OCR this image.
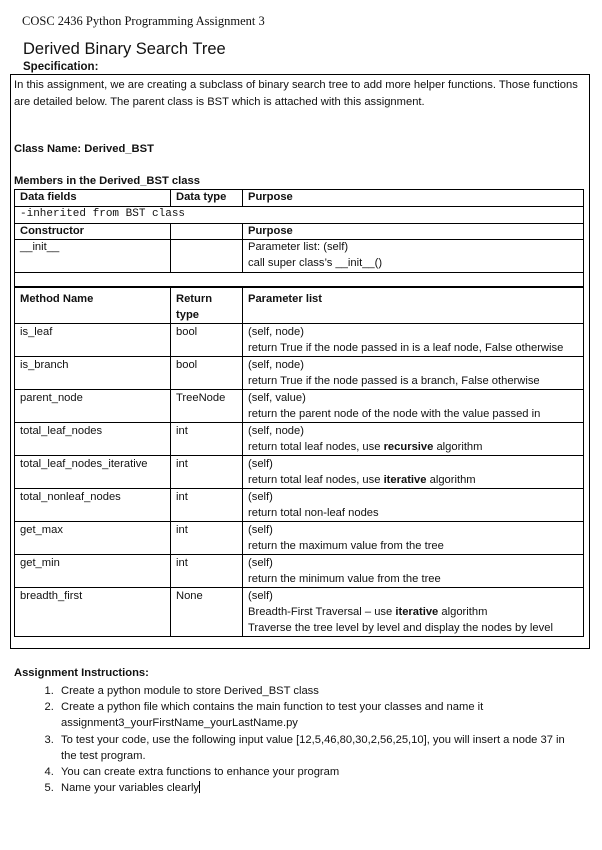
COSC 2436 Python Programming Assignment 3
Derived Binary Search Tree
Specification:
In this assignment, we are creating a subclass of binary search tree to add more helper functions. Those functions are detailed below. The parent class is BST which is attached with this assignment.
Class Name: Derived_BST
Members in the Derived_BST class
Data fields	Data type	Purpose
-inherited from BST class		
Constructor		Purpose
__init__		Parameter list: (self)
call super class’s __init__()

Method Name	Return type	Parameter list
is_leaf	bool	(self, node)
return True if the node passed in is a leaf node, False otherwise

is_branch	bool	(self, node)
return True if the node passed is a branch, False otherwise

parent_node	TreeNode	(self, value)
return the parent node of the node with the value passed in

total_leaf_nodes	int	(self, node)
return total leaf nodes, use recursive algorithm

total_leaf_nodes_iterative	int	(self)
return total leaf nodes, use iterative algorithm

total_nonleaf_nodes	int	(self)
return total non-leaf nodes

get_max	int	(self)
return the maximum value from the tree

get_min	int	(self)
return the minimum value from the tree

breadth_first	None	(self)
Breadth-First Traversal – use iterative algorithm
Traverse the tree level by level and display the nodes by level
Assignment Instructions:
1. Create a python module to store Derived_BST class
2. Create a python file which contains the main function to test your classes and name it assignment3_yourFirstName_yourLastName.py
3. To test your code, use the following input value [12,5,46,80,30,2,56,25,10], you will insert a node 37 in the test program.
4. You can create extra functions to enhance your program
5. Name your variables clearly
